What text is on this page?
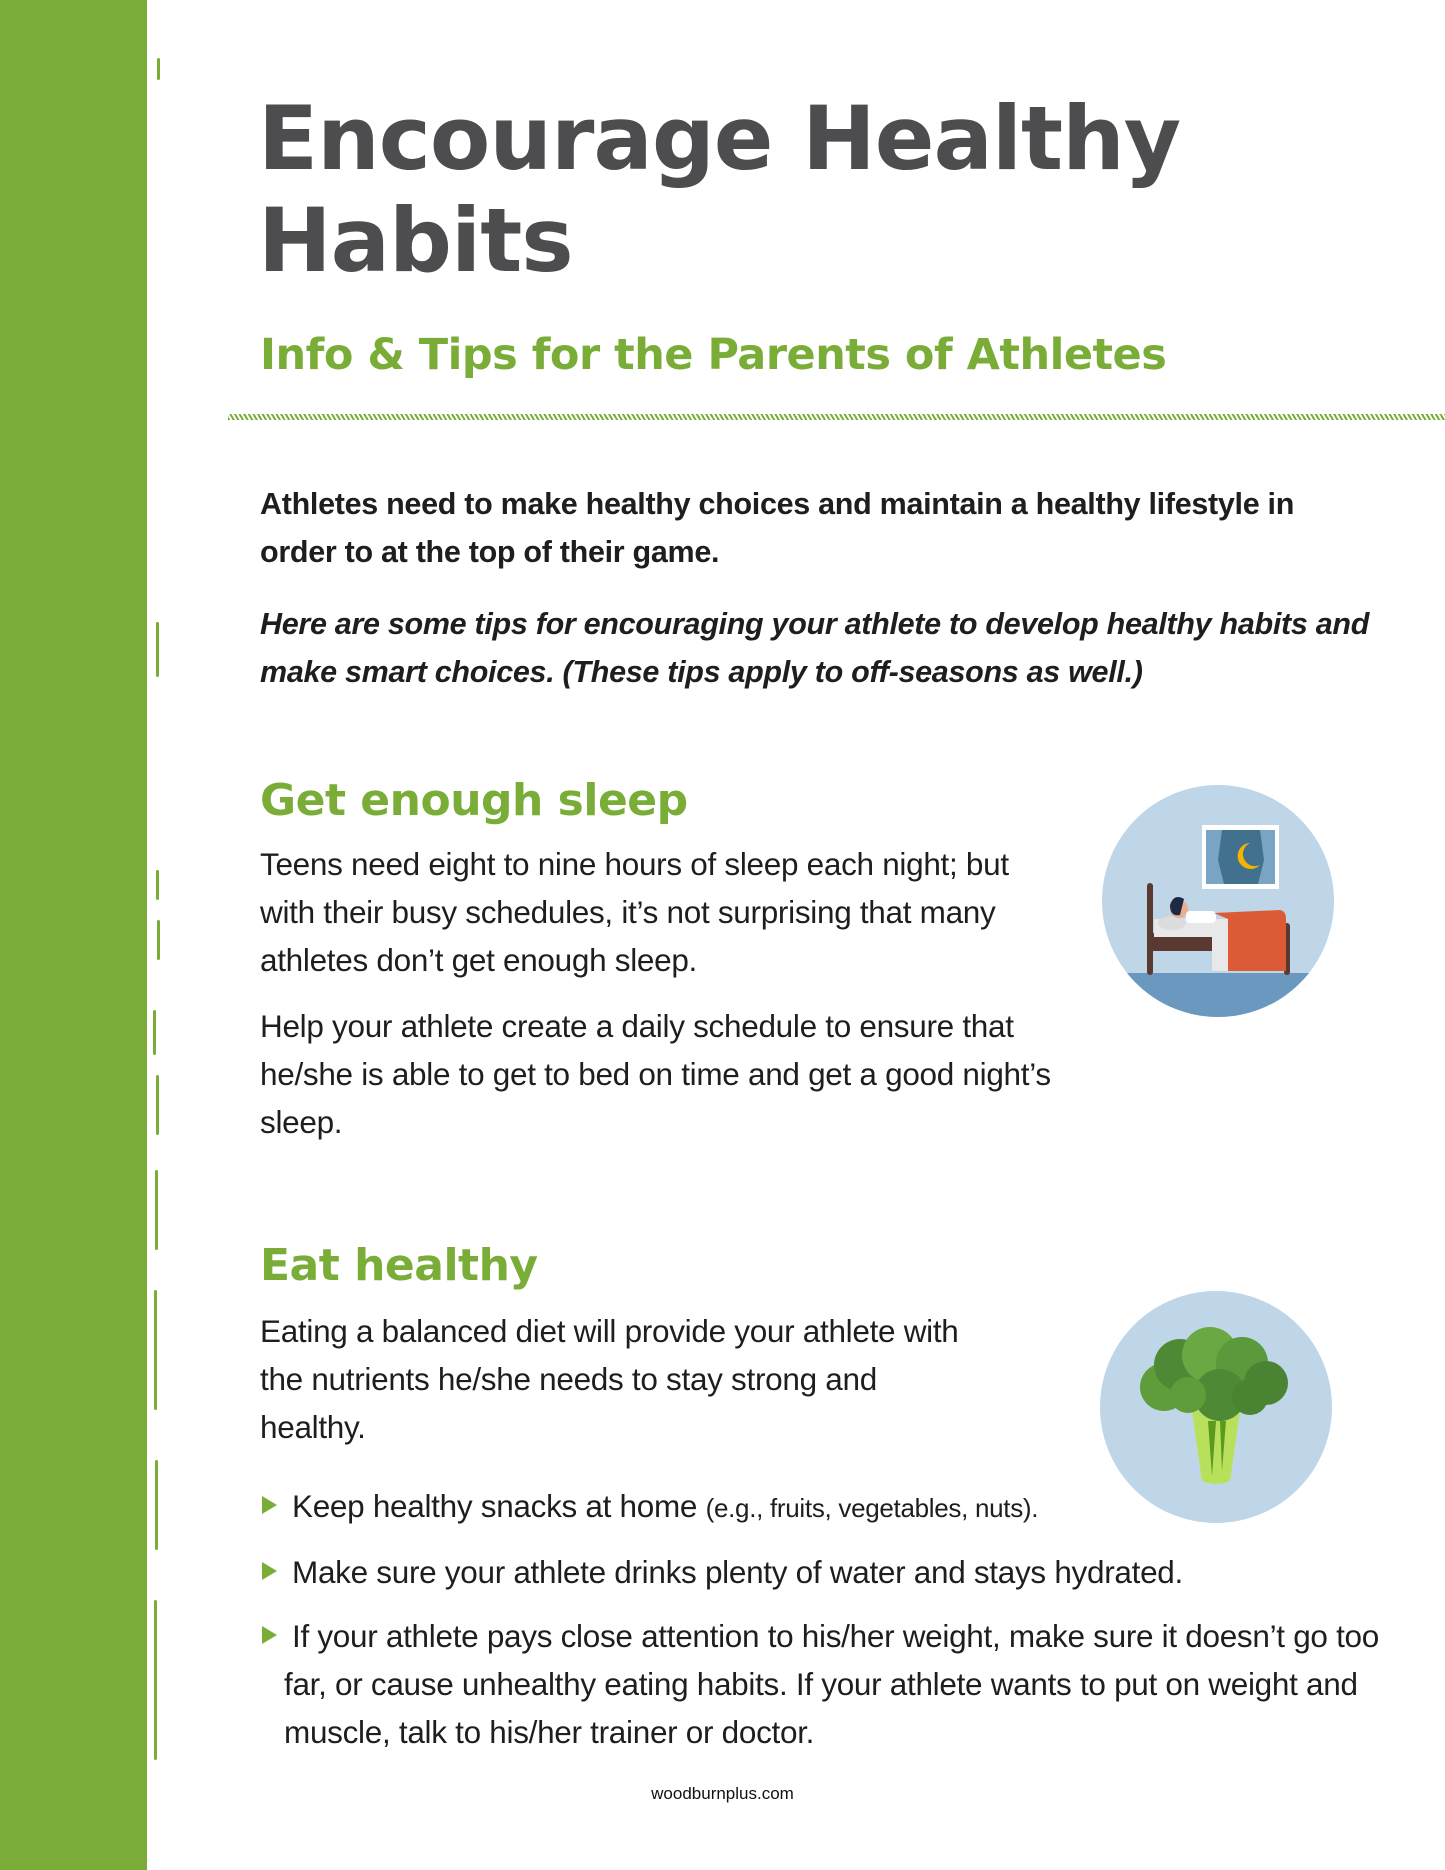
Encourage Healthy
Habits
Info & Tips for the Parents of Athletes

Athletes need to make healthy choices and maintain a healthy lifestyle in order to at the top of their game.

Here are some tips for encouraging your athlete to develop healthy habits and make smart choices. (These tips apply to off-seasons as well.)

Get enough sleep

Teens need eight to nine hours of sleep each night; but with their busy schedules, it’s not surprising that many athletes don’t get enough sleep.

Help your athlete create a daily schedule to ensure that he/she is able to get to bed on time and get a good night’s sleep.

Eat healthy

Eating a balanced diet will provide your athlete with the nutrients he/she needs to stay strong and healthy.

Keep healthy snacks at home (e.g., fruits, vegetables, nuts).
Make sure your athlete drinks plenty of water and stays hydrated.
If your athlete pays close attention to his/her weight, make sure it doesn’t go too far, or cause unhealthy eating habits. If your athlete wants to put on weight and muscle, talk to his/her trainer or doctor.
woodburnplus.com
